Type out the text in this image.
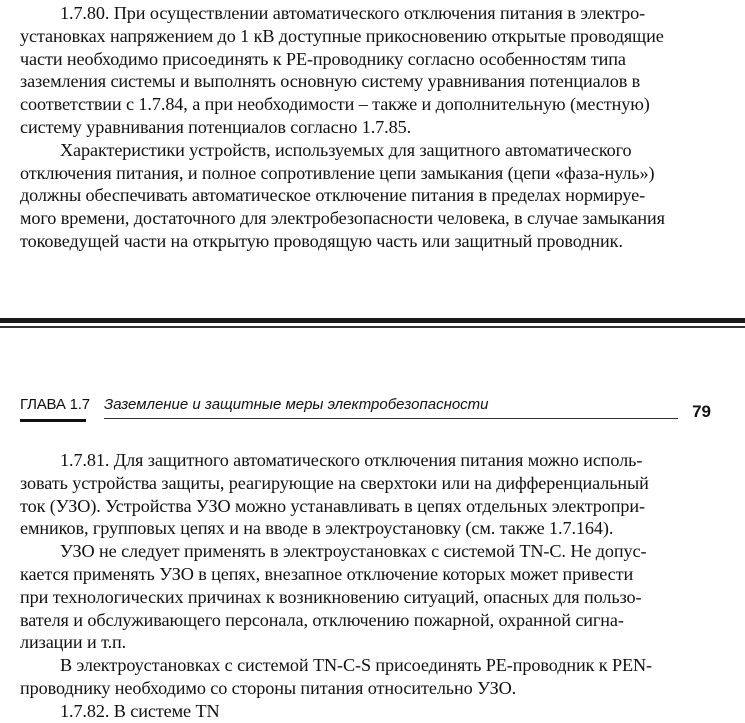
1.7.80. При осуществлении автоматического отключения питания в электро-
установках напряжением до 1 кВ доступные прикосновению открытые проводящие
части необходимо присоединять к PE-проводнику согласно особенностям типа
заземления системы и выполнять основную систему уравнивания потенциалов в
соответствии с 1.7.84, а при необходимости – также и дополнительную (местную)
систему уравнивания потенциалов согласно 1.7.85.

Характеристики устройств, используемых для защитного автоматического
отключения питания, и полное сопротивление цепи замыкания (цепи «фаза-нуль»)
должны обеспечивать автоматическое отключение питания в пределах нормируе-
мого времени, достаточного для электробезопасности человека, в случае замыкания
токоведущей части на открытую проводящую часть или защитный проводник.

ГЛАВА 1.7 Заземление и защитные меры электробезопасности	79

1.7.81. Для защитного автоматического отключения питания можно исполь-
зовать устройства защиты, реагирующие на сверхтоки или на дифференциальный
ток (УЗО). Устройства УЗО можно устанавливать в цепях отдельных электропри-
емников, групповых цепях и на вводе в электроустановку (см. также 1.7.164).

УЗО не следует применять в электроустановках с системой TN-C. Не допус-
кается применять УЗО в цепях, внезапное отключение которых может привести
при технологических причинах к возникновению ситуаций, опасных для пользо-
вателя и обслуживающего персонала, отключению пожарной, охранной сигна-
лизации и т.п.

В электроустановках с системой TN-C-S присоединять PE-проводник к PEN-
проводнику необходимо со стороны питания относительно УЗО.

1.7.82. В системе TN
